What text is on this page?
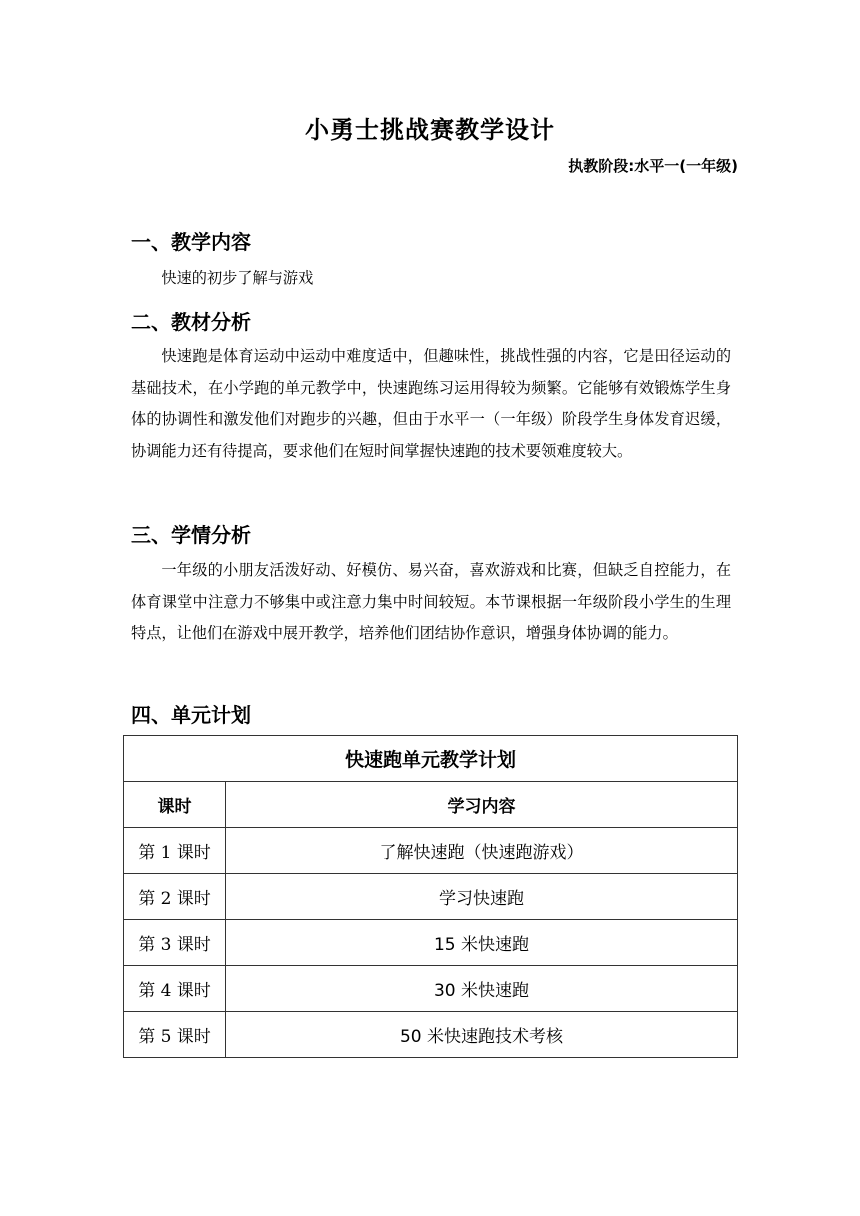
小勇士挑战赛教学设计
执教阶段:水平一(一年级)
一、教学内容
快速的初步了解与游戏
二、教材分析
快速跑是体育运动中运动中难度适中，但趣味性，挑战性强的内容，它是田径运动的基础技术，在小学跑的单元教学中，快速跑练习运用得较为频繁。它能够有效锻炼学生身体的协调性和激发他们对跑步的兴趣，但由于水平一（一年级）阶段学生身体发育迟缓，协调能力还有待提高，要求他们在短时间掌握快速跑的技术要领难度较大。
三、学情分析
一年级的小朋友活泼好动、好模仿、易兴奋，喜欢游戏和比赛，但缺乏自控能力，在体育课堂中注意力不够集中或注意力集中时间较短。本节课根据一年级阶段小学生的生理特点，让他们在游戏中展开教学，培养他们团结协作意识，增强身体协调的能力。
四、单元计划
快速跑单元教学计划	
课时	学习内容
第 1 课时	了解快速跑（快速跑游戏）
第 2 课时	学习快速跑
第 3 课时	15 米快速跑
第 4 课时	30 米快速跑
第 5 课时	50 米快速跑技术考核
